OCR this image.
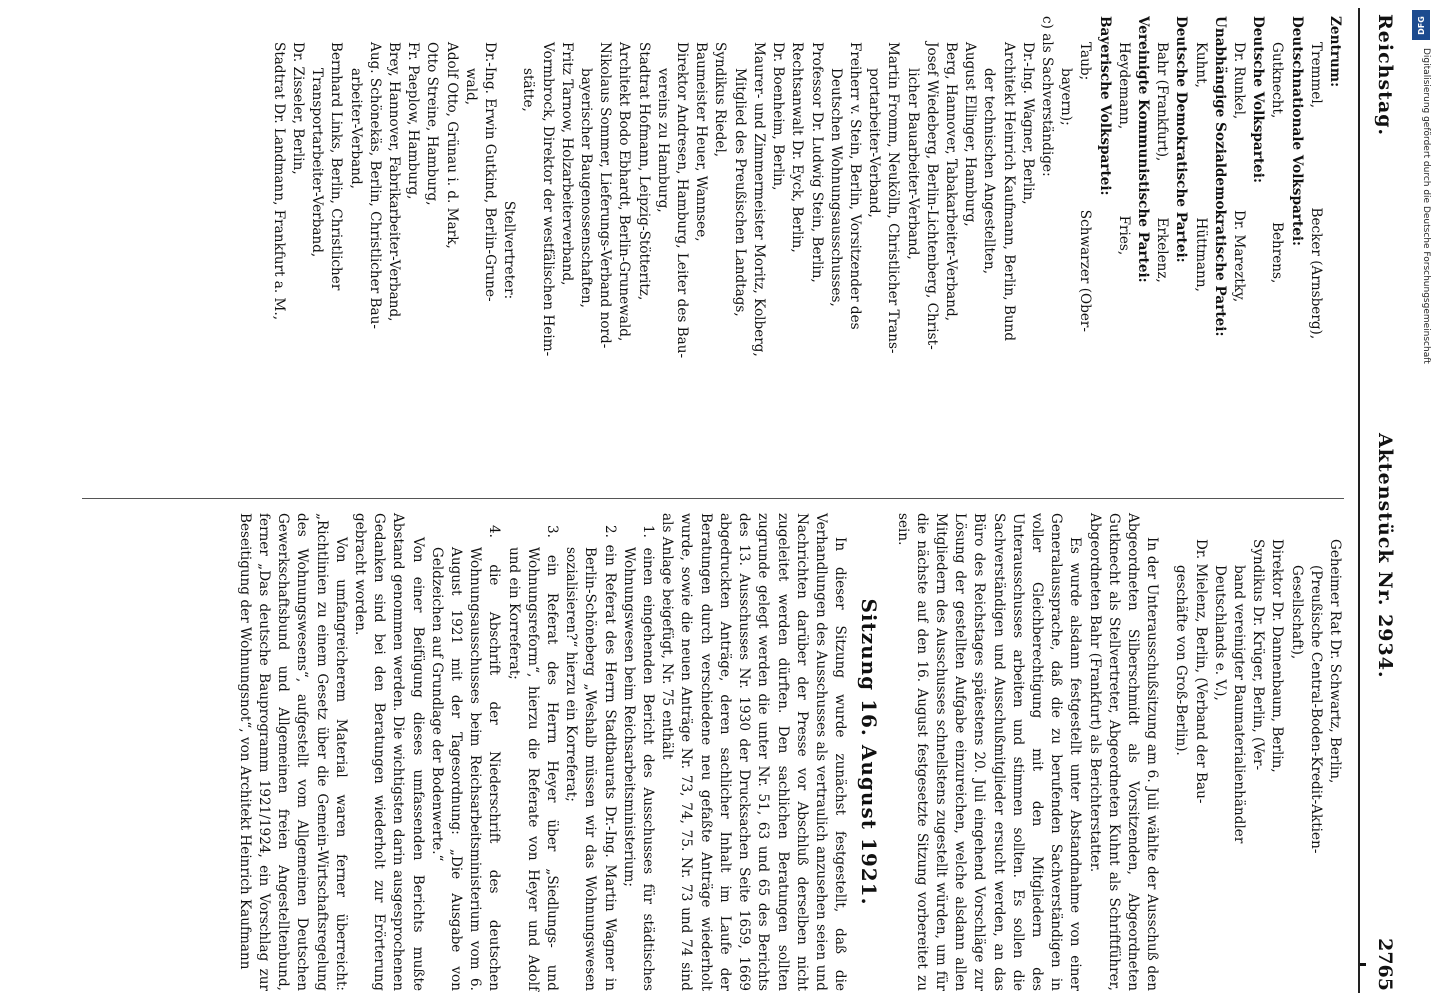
Reichstag.
Aktenstück Nr. 2934.
2765
Zentrum:
Tremmel,                       Becker (Arnsberg),
Deutschnationale Volkspartei:
Gutknecht,                        Behrens,
Deutsche Volkspartei:
Dr. Runkel,                     Dr. Mareztky,
Unabhängige Sozialdemokratische Partei:
Kuhnt,                              Hüttmann,
Deutsche Demokratische Partei:
Bahr (Frankfurt),             Erkelenz,
Vereinigte Kommunistische Partei:
Heydemann,                    Fries,
Bayerische Volkspartei:
Taub;                              Schwarzer (Ober-
bayern);
c) als Sachverständige:
Dr.-Ing. Wagner, Berlin,
Architekt Heinrich Kaufmann, Berlin, Bund
der technischen Angestellten,
August Ellinger, Hamburg,
Berg, Hannover, Tabakarbeiter-Verband,
Josef Wiedeberg, Berlin-Lichtenberg, Christ-
licher Bauarbeiter-Verband,
Martin Fromm, Neukölln, Christlicher Trans-
portarbeiter-Verband,
Freiherr v. Stein, Berlin, Vorsitzender des
Deutschen Wohnungsausschusses,
Professor Dr. Ludwig Stein, Berlin,
Rechtsanwalt Dr. Eyck, Berlin,
Dr. Boenheim, Berlin,
Maurer- und Zimmermeister Moritz, Kolberg,
Mitglied des Preußischen Landtags,
Syndikus Riedel,
Baumeister Heuer, Wannsee,
Direktor Andresen, Hamburg, Leiter des Bau-
vereins zu Hamburg,
Stadtrat Hofmann, Leipzig-Stötteritz,
Architekt Bodo Ebhardt, Berlin-Grunewald,
Nikolaus Sommer, Lieferungs-Verband nord-
bayerischer Baugenossenschaften,
Fritz Tarnow, Holzarbeiterverband,
Vormbrock, Direktor der westfälischen Heim-
stätte,
Stellvertreter:
Dr.-Ing. Erwin Gutkind, Berlin-Grune-
wald,
Adolf Otto, Grünau i. d. Mark,
Otto Streine, Hamburg,
Fr. Paeplow, Hamburg,
Brey, Hannover, Fabrikarbeiter-Verband,
Aug. Schönekäs, Berlin, Christlicher Bau-
arbeiter-Verband,
Bernhard Links, Berlin, Christlicher
Transportarbeiter-Verband,
Dr. Zisseler, Berlin,
Stadtrat Dr. Landmann, Frankfurt a. M.,
Geheimer Rat Dr. Schwartz, Berlin,
(Preußische Central-Boden-Kredit-Aktien-
Gesellschaft),
Direktor Dr. Dannenbaum, Berlin,
Syndikus Dr. Krüger, Berlin, (Ver-
band vereinigter Baumaterialienhändler
Deutschlands e. V.),
Dr. Mielenz, Berlin, (Verband der Bau-
geschäfte von Groß-Berlin).
In der Unterausschußsitzung am 6. Juli wählte der Ausschuß den Abgeordneten Silberschmidt als Vorsitzenden, Abgeordneten Gutknecht als Stellvertreter, Abgeordneten Kuhnt als Schriftführer, Abgeordneten Bahr (Frankfurt) als Berichterstatter.
Es wurde alsdann festgestellt unter Abstandnahme von einer Generalaussprache, daß die zu berufenden Sachverständigen in voller Gleichberechtigung mit den Mitgliedern des Unterausschusses arbeiten und stimmen sollten. Es sollen die Sachverständigen und Ausschußmitglieder ersucht werden, an das Büro des Reichstages spätestens 20. Juli eingehend Vorschläge zur Lösung der gestellten Aufgabe einzureichen, welche alsdann allen Mitgliedern des Ausschusses schnellstens zugestellt würden, um für die nächste auf den 16. August festgesetzte Sitzung vorbereitet zu sein.
Sitzung 16. August 1921.
In dieser Sitzung wurde zunächst festgestellt, daß die Verhandlungen des Ausschusses als vertraulich anzusehen seien und Nachrichten darüber der Presse vor Abschluß derselben nicht zugeleitet werden dürften. Den sachlichen Beratungen sollten zugrunde gelegt werden die unter Nr. 51, 63 und 65 des Berichts des 13. Ausschusses Nr. 1930 der Drucksachen Seite 1659, 1669 abgedruckten Anträge, deren sachlicher Inhalt im Laufe der Beratungen durch verschiedene neu gefaßte Anträge wiederholt wurde, sowie die neuen Anträge Nr. 73, 74, 75. Nr. 73 und 74 sind als Anlage beigefügt, Nr. 75 enthält
1. einen eingehenden Bericht des Ausschusses für städtisches Wohnungswesen beim Reichsarbeitsministerium;
2. ein Referat des Herrn Stadtbaurats Dr.-Ing. Martin Wagner in Berlin-Schöneberg „Weshalb müssen wir das Wohnungswesen sozialisieren?“ hierzu ein Korreferat;
3. ein Referat des Herrn Heyer über „Siedlungs- und Wohnungsreform“, hierzu die Referate von Heyer und Adolf und ein Korreferat;
4. die Abschrift der Niederschrift des deutschen Wohnungsausschusses beim Reichsarbeitsministerium vom 6. August 1921 mit der Tagesordnung: „Die Ausgabe von Geldzeichen auf Grundlage der Bodenwerte.“
Von einer Beifügung dieses umfassenden Berichts mußte Abstand genommen werden. Die wichtigsten darin ausgesprochenen Gedanken sind bei den Beratungen wiederholt zur Erörterung gebracht worden.
Von umfangreicherem Material waren ferner überreicht: „Richtlinien zu einem Gesetz über die Gemein-Wirtschaftsregelung des Wohnungswesens“, aufgestellt vom Allgemeinen Deutschen Gewerkschaftsbund und Allgemeinen freien Angestelltenbund, ferner „Das deutsche Bauprogramm 1921/1924, ein Vorschlag zur Beseitigung der Wohnungsnot“, von Architekt Heinrich Kaufmann
DFG
Digitalisierung gefördert durch die Deutsche Forschungsgemeinschaft
